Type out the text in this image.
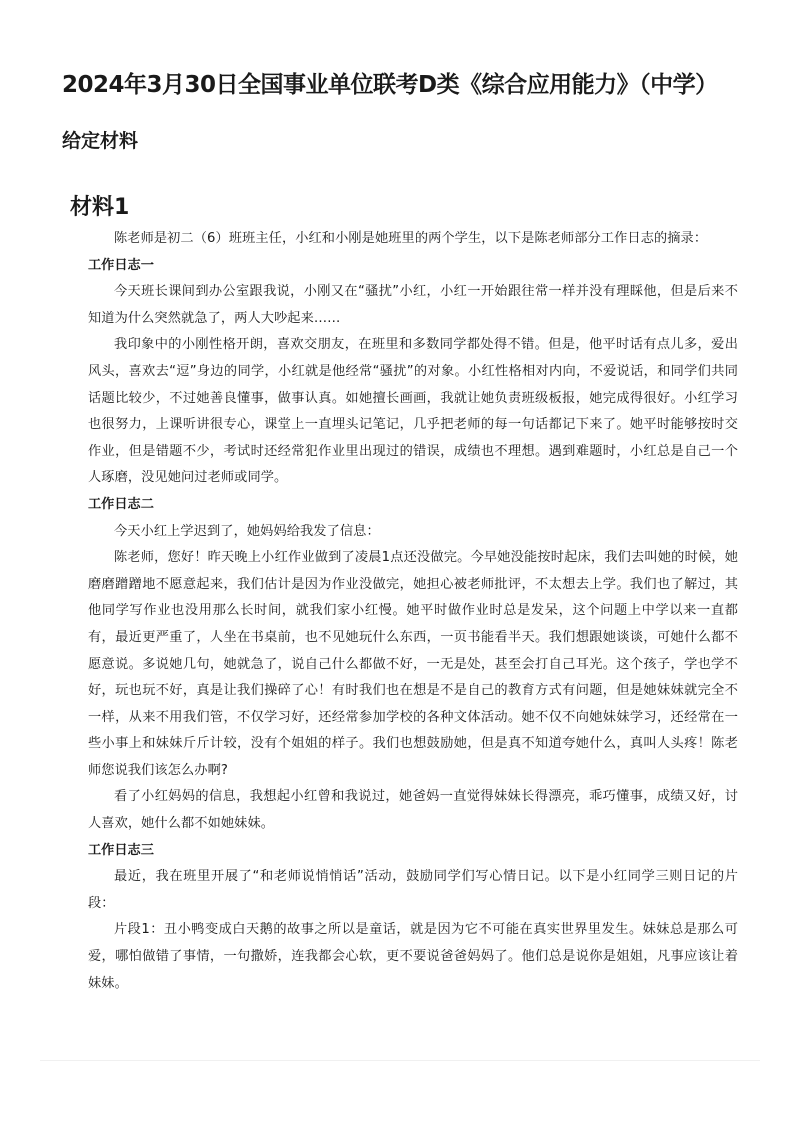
2024年3月30日全国事业单位联考D类《综合应用能力》（中学）
给定材料
材料1

陈老师是初二（6）班班主任，小红和小刚是她班里的两个学生，以下是陈老师部分工作日志的摘录：

工作日志一

今天班长课间到办公室跟我说，小刚又在“骚扰”小红，小红一开始跟往常一样并没有理睬他，但是后来不知道为什么突然就急了，两人大吵起来……

我印象中的小刚性格开朗，喜欢交朋友，在班里和多数同学都处得不错。但是，他平时话有点儿多，爱出风头，喜欢去“逗”身边的同学，小红就是他经常“骚扰”的对象。小红性格相对内向，不爱说话，和同学们共同话题比较少，不过她善良懂事，做事认真。如她擅长画画，我就让她负责班级板报，她完成得很好。小红学习也很努力，上课听讲很专心，课堂上一直埋头记笔记，几乎把老师的每一句话都记下来了。她平时能够按时交作业，但是错题不少，考试时还经常犯作业里出现过的错误，成绩也不理想。遇到难题时，小红总是自己一个人琢磨，没见她问过老师或同学。

工作日志二

今天小红上学迟到了，她妈妈给我发了信息：

陈老师，您好！昨天晚上小红作业做到了凌晨1点还没做完。今早她没能按时起床，我们去叫她的时候，她磨磨蹭蹭地不愿意起来，我们估计是因为作业没做完，她担心被老师批评，不太想去上学。我们也了解过，其他同学写作业也没用那么长时间，就我们家小红慢。她平时做作业时总是发呆，这个问题上中学以来一直都有，最近更严重了，人坐在书桌前，也不见她玩什么东西，一页书能看半天。我们想跟她谈谈，可她什么都不愿意说。多说她几句，她就急了，说自己什么都做不好，一无是处，甚至会打自己耳光。这个孩子，学也学不好，玩也玩不好，真是让我们操碎了心！有时我们也在想是不是自己的教育方式有问题，但是她妹妹就完全不一样，从来不用我们管，不仅学习好，还经常参加学校的各种文体活动。她不仅不向她妹妹学习，还经常在一些小事上和妹妹斤斤计较，没有个姐姐的样子。我们也想鼓励她，但是真不知道夸她什么，真叫人头疼！陈老师您说我们该怎么办啊?

看了小红妈妈的信息，我想起小红曾和我说过，她爸妈一直觉得妹妹长得漂亮，乖巧懂事，成绩又好，讨人喜欢，她什么都不如她妹妹。

工作日志三

最近，我在班里开展了“和老师说悄悄话”活动，鼓励同学们写心情日记。以下是小红同学三则日记的片段：

片段1：丑小鸭变成白天鹅的故事之所以是童话，就是因为它不可能在真实世界里发生。妹妹总是那么可爱，哪怕做错了事情，一句撒娇，连我都会心软，更不要说爸爸妈妈了。他们总是说你是姐姐，凡事应该让着妹妹。
